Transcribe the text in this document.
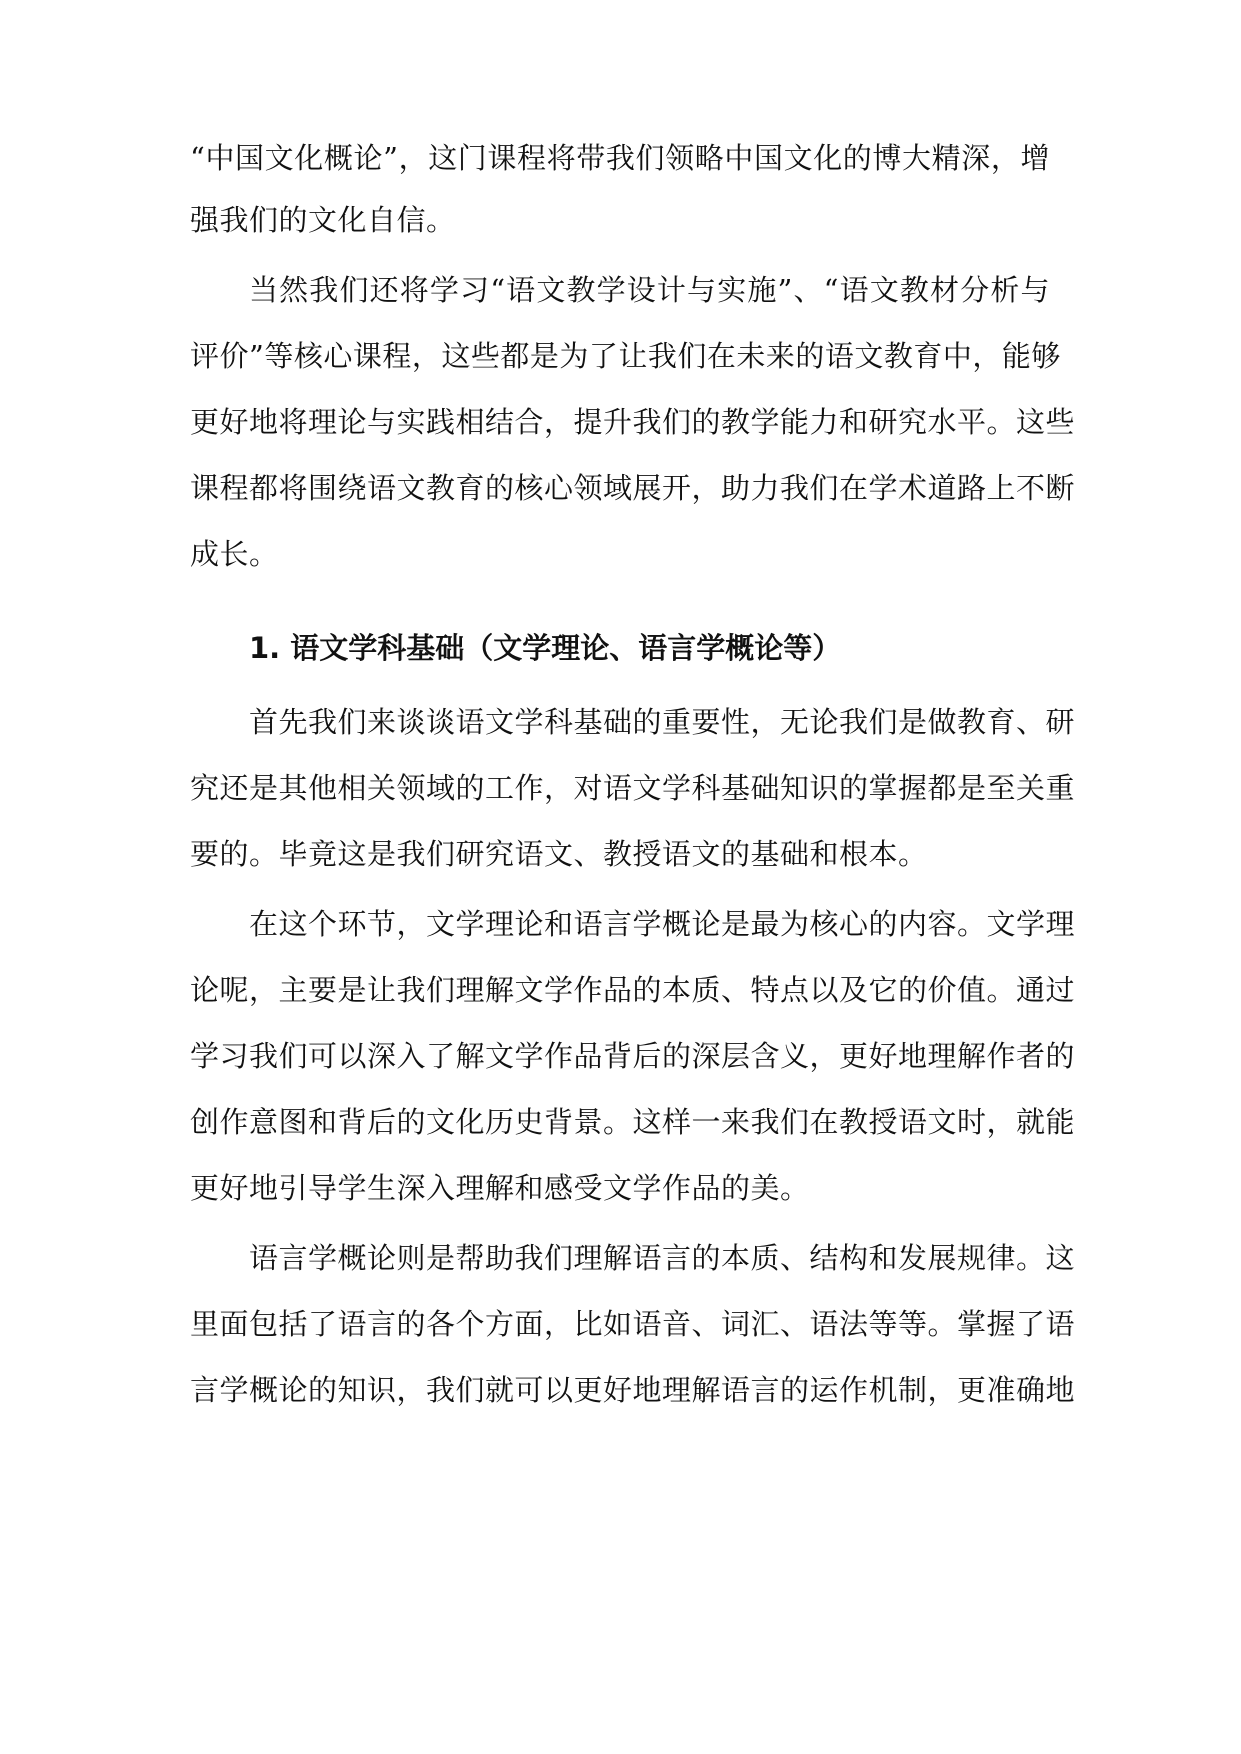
“中国文化概论”，这门课程将带我们领略中国文化的博大精深，增
强我们的文化自信。
当然我们还将学习“语文教学设计与实施”、“语文教材分析与
评价”等核心课程，这些都是为了让我们在未来的语文教育中，能够
更好地将理论与实践相结合，提升我们的教学能力和研究水平。这些
课程都将围绕语文教育的核心领域展开，助力我们在学术道路上不断
成长。
1. 语文学科基础（文学理论、语言学概论等）
首先我们来谈谈语文学科基础的重要性，无论我们是做教育、研
究还是其他相关领域的工作，对语文学科基础知识的掌握都是至关重
要的。毕竟这是我们研究语文、教授语文的基础和根本。
在这个环节，文学理论和语言学概论是最为核心的内容。文学理
论呢，主要是让我们理解文学作品的本质、特点以及它的价值。通过
学习我们可以深入了解文学作品背后的深层含义，更好地理解作者的
创作意图和背后的文化历史背景。这样一来我们在教授语文时，就能
更好地引导学生深入理解和感受文学作品的美。
语言学概论则是帮助我们理解语言的本质、结构和发展规律。这
里面包括了语言的各个方面，比如语音、词汇、语法等等。掌握了语
言学概论的知识，我们就可以更好地理解语言的运作机制，更准确地
